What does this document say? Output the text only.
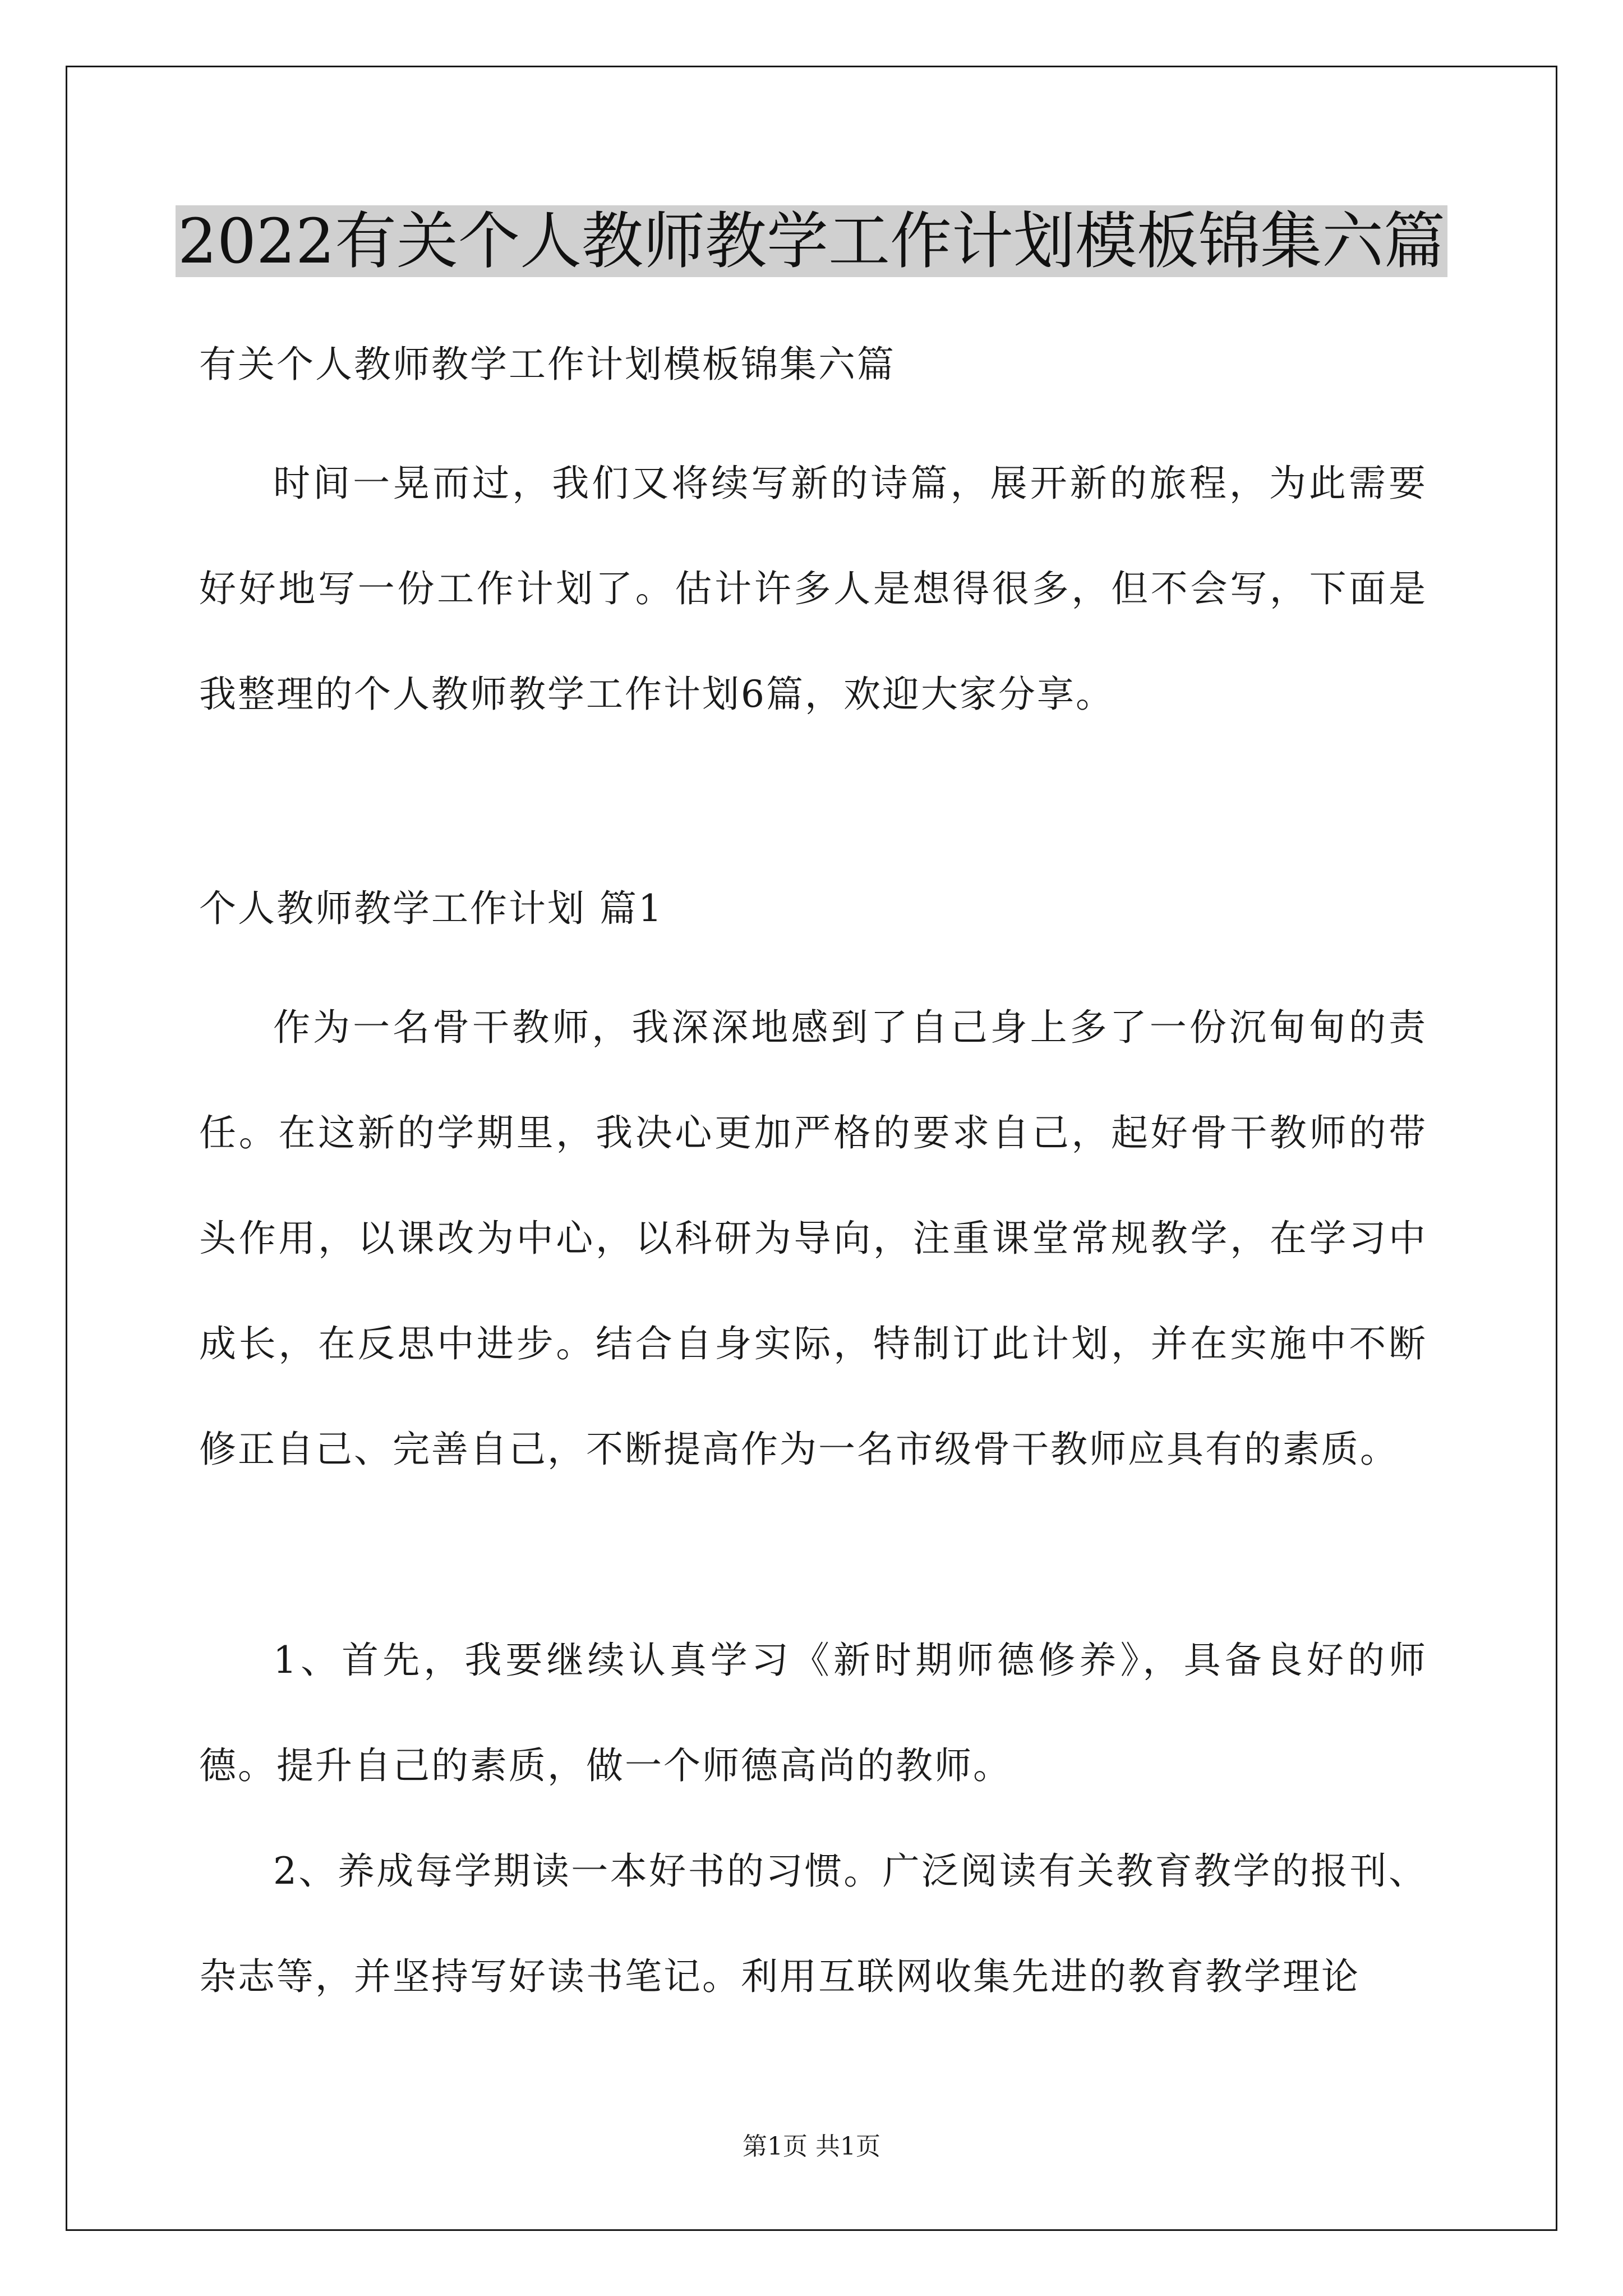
2022有关个人教师教学工作计划模板锦集六篇

有关个人教师教学工作计划模板锦集六篇

时间一晃而过，我们又将续写新的诗篇，展开新的旅程，为此需要好好地写一份工作计划了。估计许多人是想得很多，但不会写，下面是我整理的个人教师教学工作计划6篇，欢迎大家分享。

个人教师教学工作计划 篇1

作为一名骨干教师，我深深地感到了自己身上多了一份沉甸甸的责任。在这新的学期里，我决心更加严格的要求自己，起好骨干教师的带头作用，以课改为中心，以科研为导向，注重课堂常规教学，在学习中成长，在反思中进步。结合自身实际，特制订此计划，并在实施中不断修正自己、完善自己，不断提高作为一名市级骨干教师应具有的素质。

1、首先，我要继续认真学习《新时期师德修养》，具备良好的师德。提升自己的素质，做一个师德高尚的教师。

2、养成每学期读一本好书的习惯。广泛阅读有关教育教学的报刊、杂志等，并坚持写好读书笔记。利用互联网收集先进的教育教学理论

第1页 共1页
